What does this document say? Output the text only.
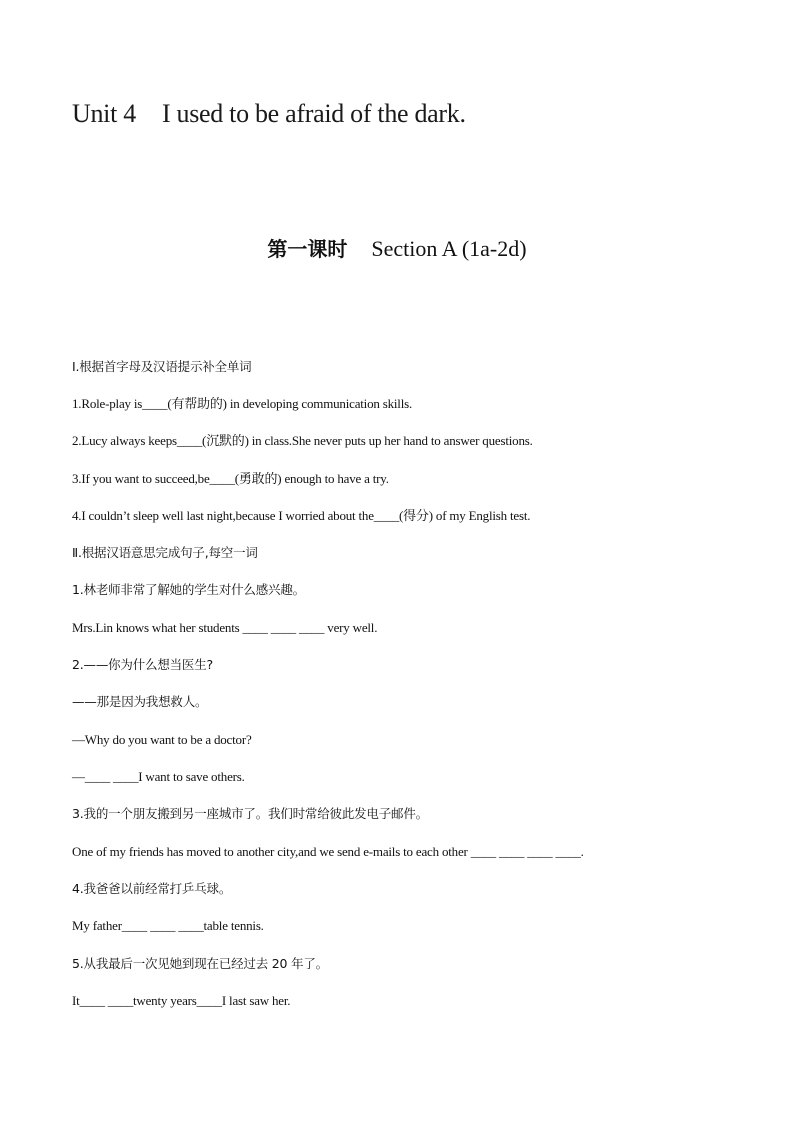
Unit 4 I used to be afraid of the dark.
第一课时 Section A (1a-2d)
Ⅰ.根据首字母及汉语提示补全单词
1.Role-play is____(有帮助的) in developing communication skills.
2.Lucy always keeps____(沉默的) in class.She never puts up her hand to answer questions.
3.If you want to succeed,be____(勇敢的) enough to have a try.
4.I couldn’t sleep well last night,because I worried about the____(得分) of my English test.
Ⅱ.根据汉语意思完成句子,每空一词
1.林老师非常了解她的学生对什么感兴趣。
Mrs.Lin knows what her students ____ ____ ____ very well.
2.——你为什么想当医生?
——那是因为我想救人。
—Why do you want to be a doctor?
—____ ____I want to save others.
3.我的一个朋友搬到另一座城市了。我们时常给彼此发电子邮件。
One of my friends has moved to another city,and we send e-mails to each other ____ ____ ____ ____.
4.我爸爸以前经常打乒乓球。
My father____ ____ ____table tennis.
5.从我最后一次见她到现在已经过去 20 年了。
It____ ____twenty years____I last saw her.
